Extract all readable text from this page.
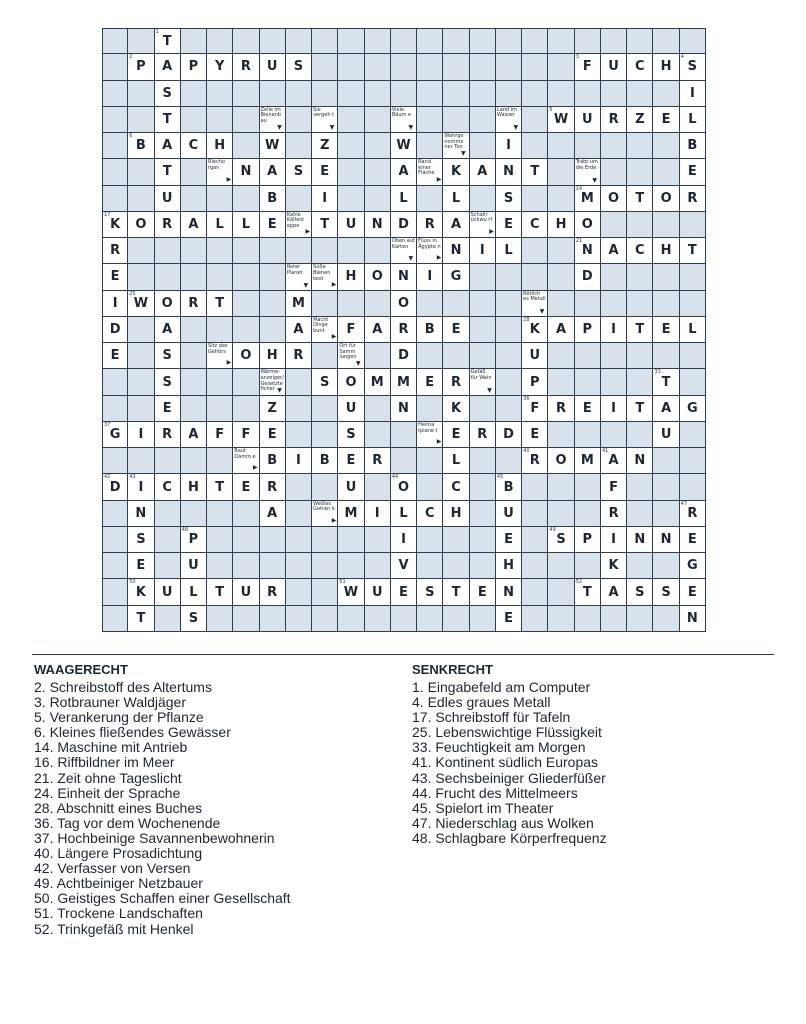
1
T
2
P	A	P	Y	R	U	S
3
F	U	C	H
4
S
S	I
T
Zelle im Bienenb au
▼
Sie vergeh t
▼
Viele Bäum e
▼
Land im Wasser
▼
5
W	U	R	Z	E	L
6
B	A	C	H	W	Z	W
Wahrge nomme ner Ton
▼
I	B
T
Riecho rgan
▶ N	A	S	E	A
Rand einer Fläche
▶ K	A	N	T
Trabt um die Erde
▼
E
U	B	I	L	L	S
14
M	O	T	O	R
17
K	O	R	A	L	L	E
Kahle Kältest eppe
▶ T	U	N	D	R	A
Schallr ückwu rf
▶ E	C	H	O
R
Oben auf Karten
▼
Fluss in Ägypte n
▶ N	I	L
21
N	A	C	H	T
E
Roter Planet
▼
Süße Bienen kost
▶ H	O	N	I	G	D
I
25
W	O	R	T	M	O
Rötlich es Metall
▼
D	A	A
Macht Dinge bunt
▶ F	A	R	B	E
28
K	A	P	I	T	E	L
E	S
Sitz des Gehörs
▶ O	H	R
Ort für Samm lungen
▼
D	U
S
Wärme-anzeiger/ Gesetzte ficher ▼
S	O	M	M	E	R
Gefäß für Wein
▼
P
33
T
E	Z	U	N	K
36
F	R	E	I	T	A	G
37
G	I	R	A	F	F	E	S
Heima tplane t
▶ E	R	D	E	U
Baut Dämm e
▶ B	I	B	E	R	L
40
R	O	M
41
A	N
42
D
43
I	C	H	T	E	R	U
44
O	C
45
B	F
N	A
Weißes Geträn k
▶ M	I	L	C	H	U	R
47
R
S
48
P	I	E
49
S	P	I	N	N	E
E	U	V	H	K	G
50
K	U	L	T	U	R
51
W	U	E	S	T	E	N
52
T	A	S	S	E
T	S	E	N
WAAGERECHT
2. Schreibstoff des Altertums
3. Rotbrauner Waldjäger
5. Verankerung der Pflanze
6. Kleines fließendes Gewässer
14. Maschine mit Antrieb
16. Riffbildner im Meer
21. Zeit ohne Tageslicht
24. Einheit der Sprache
28. Abschnitt eines Buches
36. Tag vor dem Wochenende
37. Hochbeinige Savannenbewohnerin
40. Längere Prosadichtung
42. Verfasser von Versen
49. Achtbeiniger Netzbauer
50. Geistiges Schaffen einer Gesellschaft
51. Trockene Landschaften
52. Trinkgefäß mit Henkel
SENKRECHT
1. Eingabefeld am Computer
4. Edles graues Metall
17. Schreibstoff für Tafeln
25. Lebenswichtige Flüssigkeit
33. Feuchtigkeit am Morgen
41. Kontinent südlich Europas
43. Sechsbeiniger Gliederfüßer
44. Frucht des Mittelmeers
45. Spielort im Theater
47. Niederschlag aus Wolken
48. Schlagbare Körperfrequenz
